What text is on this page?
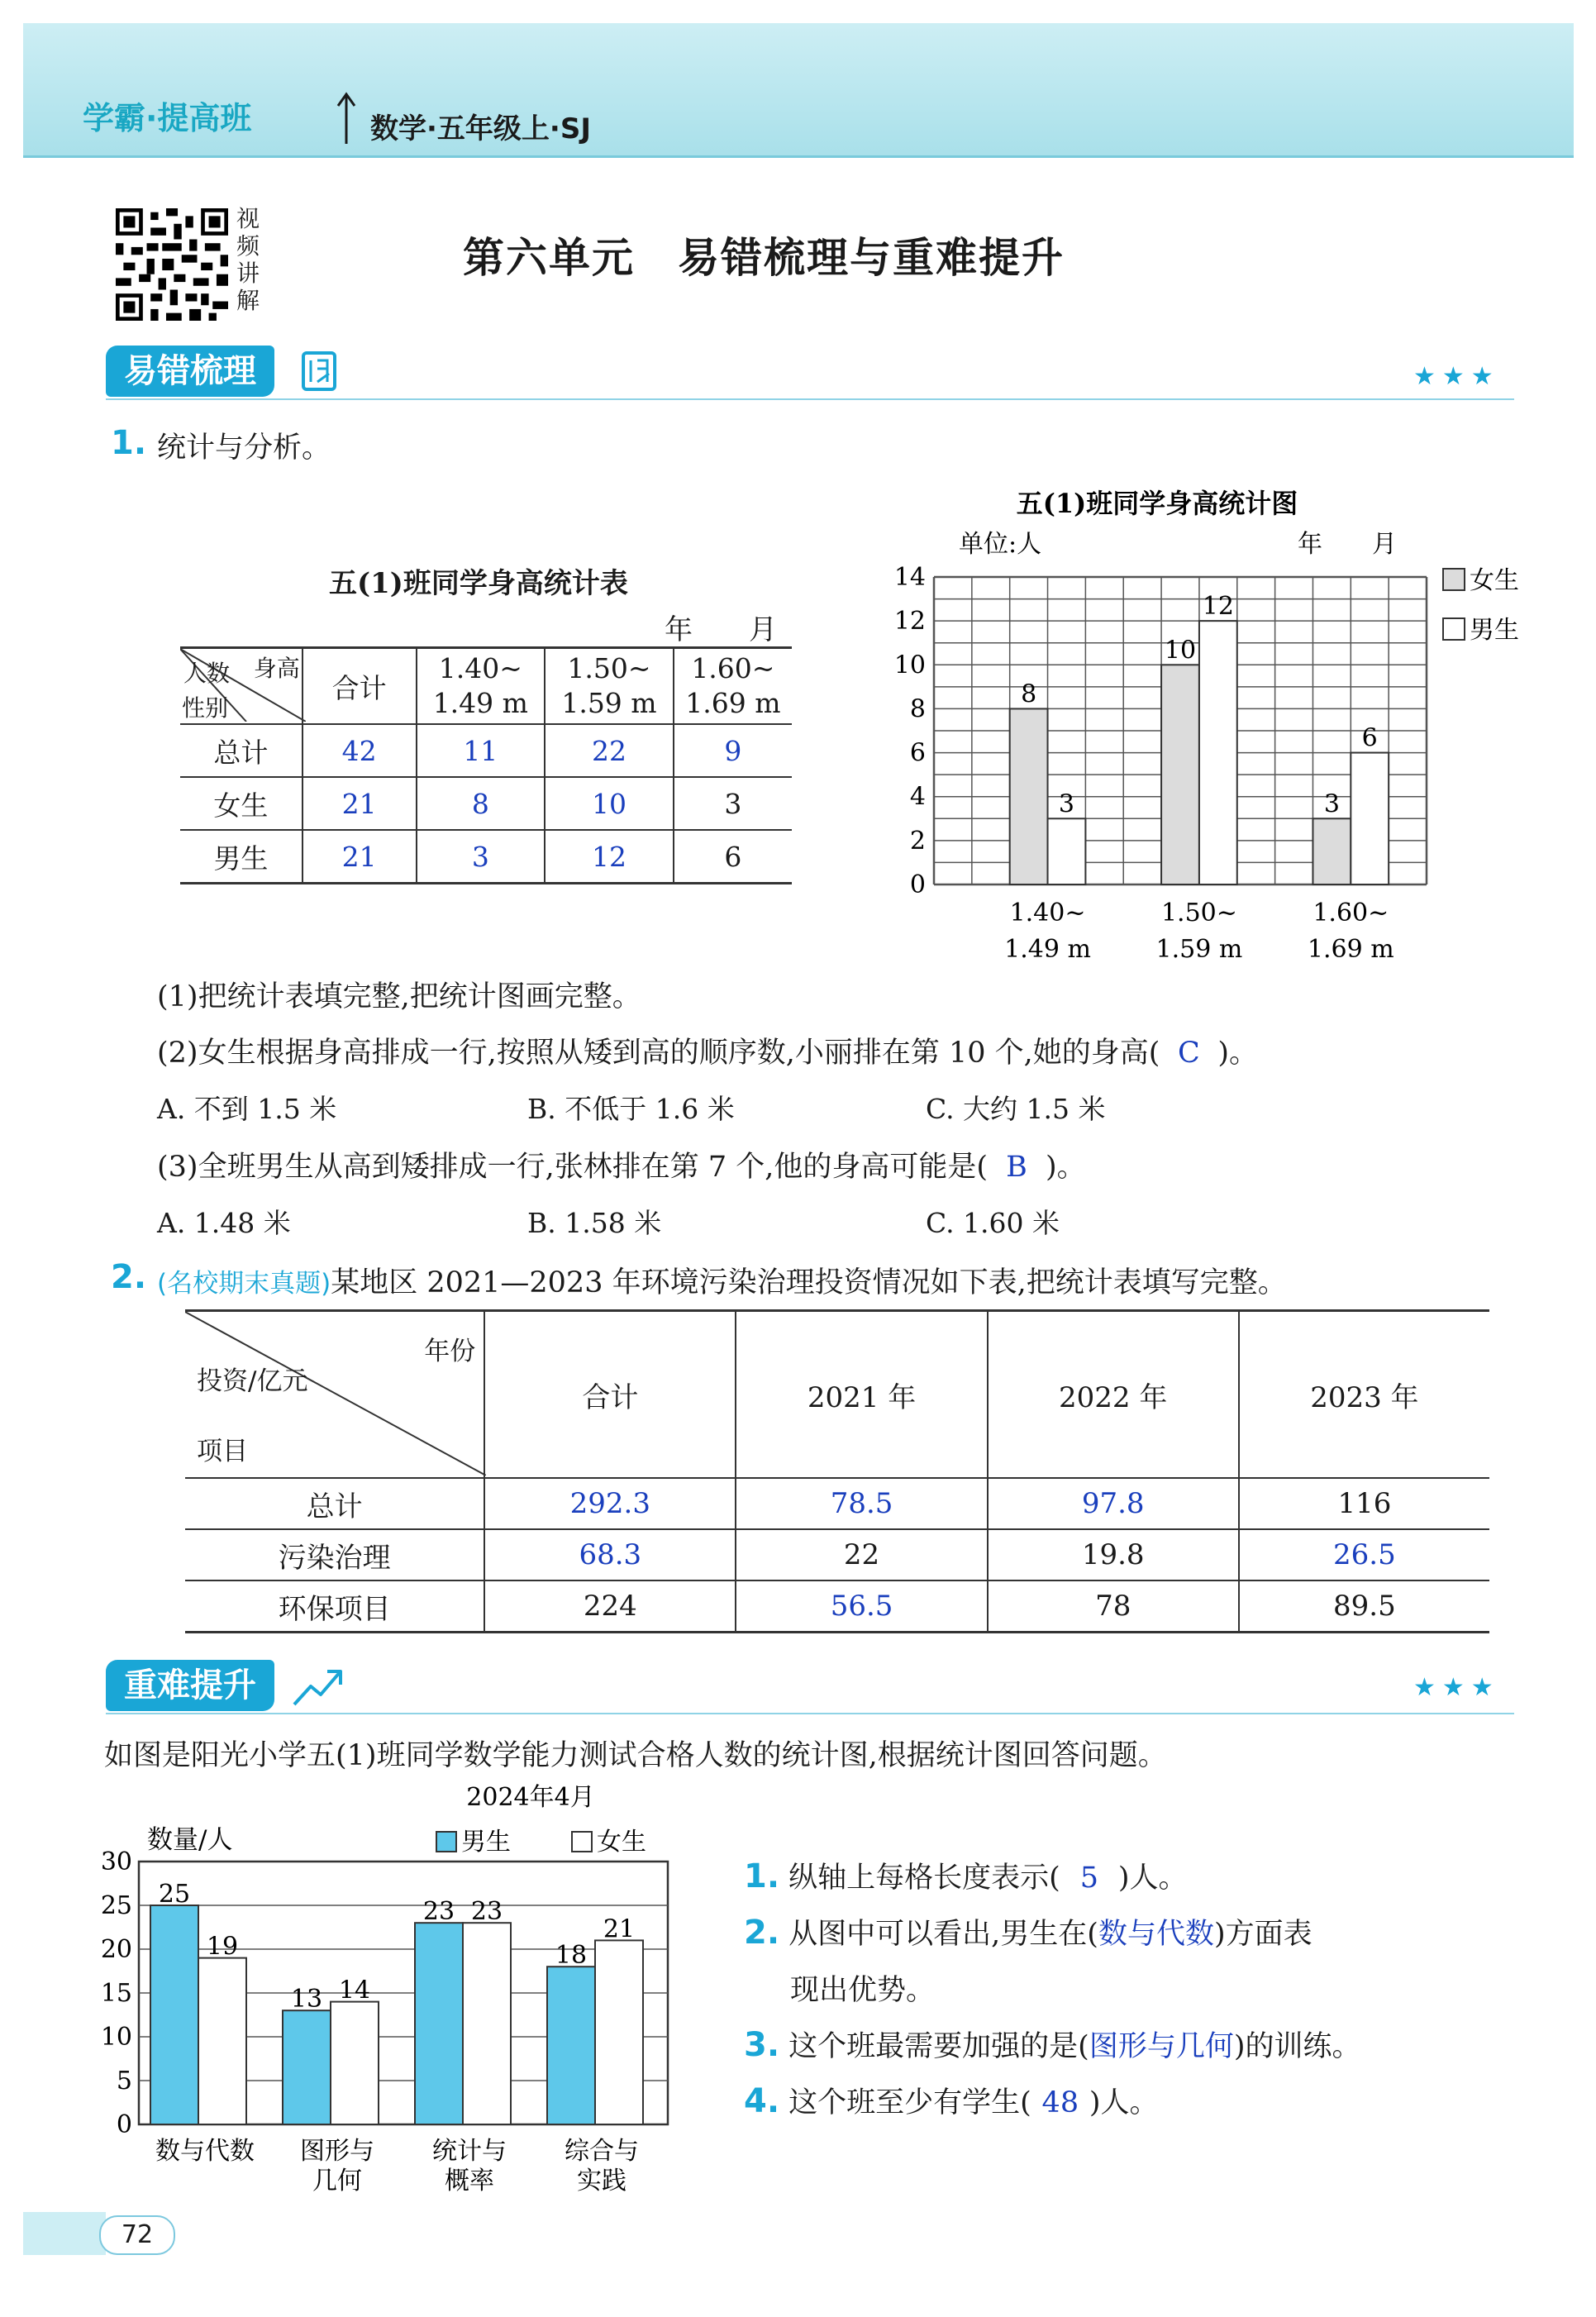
学霸·提高班	数学·五年级上·SJ
视频讲解
第六单元　易错梳理与重难提升
易错梳理	★★★
1. 统计与分析。
五(1)班同学身高统计表
年　　月
身高
人数
性别	合计	1.40~
1.49 m	1.50~
1.59 m	1.60~
1.69 m
总计	42	11	22	9
女生	21	8	10	3
男生	21	3	12	6
五(1)班同学身高统计图
单位:人	年　　月
0
2
4
6
8
10
12
14
8
3
1.40~
1.49 m
10
12
1.50~
1.59 m
3
6
1.60~
1.69 m
女生
男生
(1)把统计表填完整,把统计图画完整。
(2)女生根据身高排成一行,按照从矮到高的顺序数,小丽排在第 10 个,她的身高( C )。
A. 不到 1.5 米	B. 不低于 1.6 米	C. 大约 1.5 米
(3)全班男生从高到矮排成一行,张林排在第 7 个,他的身高可能是( B )。
A. 1.48 米	B. 1.58 米	C. 1.60 米
2. (名校期末真题)某地区 2021—2023 年环境污染治理投资情况如下表,把统计表填写完整。
年份
投资/亿元
项目	合计	2021 年	2022 年	2023 年
总计	292.3	78.5	97.8	116
污染治理	68.3	22	19.8	26.5
环保项目	224	56.5	78	89.5
重难提升	★★★
如图是阳光小学五(1)班同学数学能力测试合格人数的统计图,根据统计图回答问题。
2024年4月
数量/人
0
5
10
15
20
25
30
25
19
数与代数
13 14
图形与
几何
23 23
统计与
概率
18
21
综合与
实践
男生	女生
1. 纵轴上每格长度表示( 5 )人。
2. 从图中可以看出,男生在(数与代数)方面表
现出优势。
3. 这个班最需要加强的是(图形与几何)的训练。
4. 这个班至少有学生( 48 )人。
72
